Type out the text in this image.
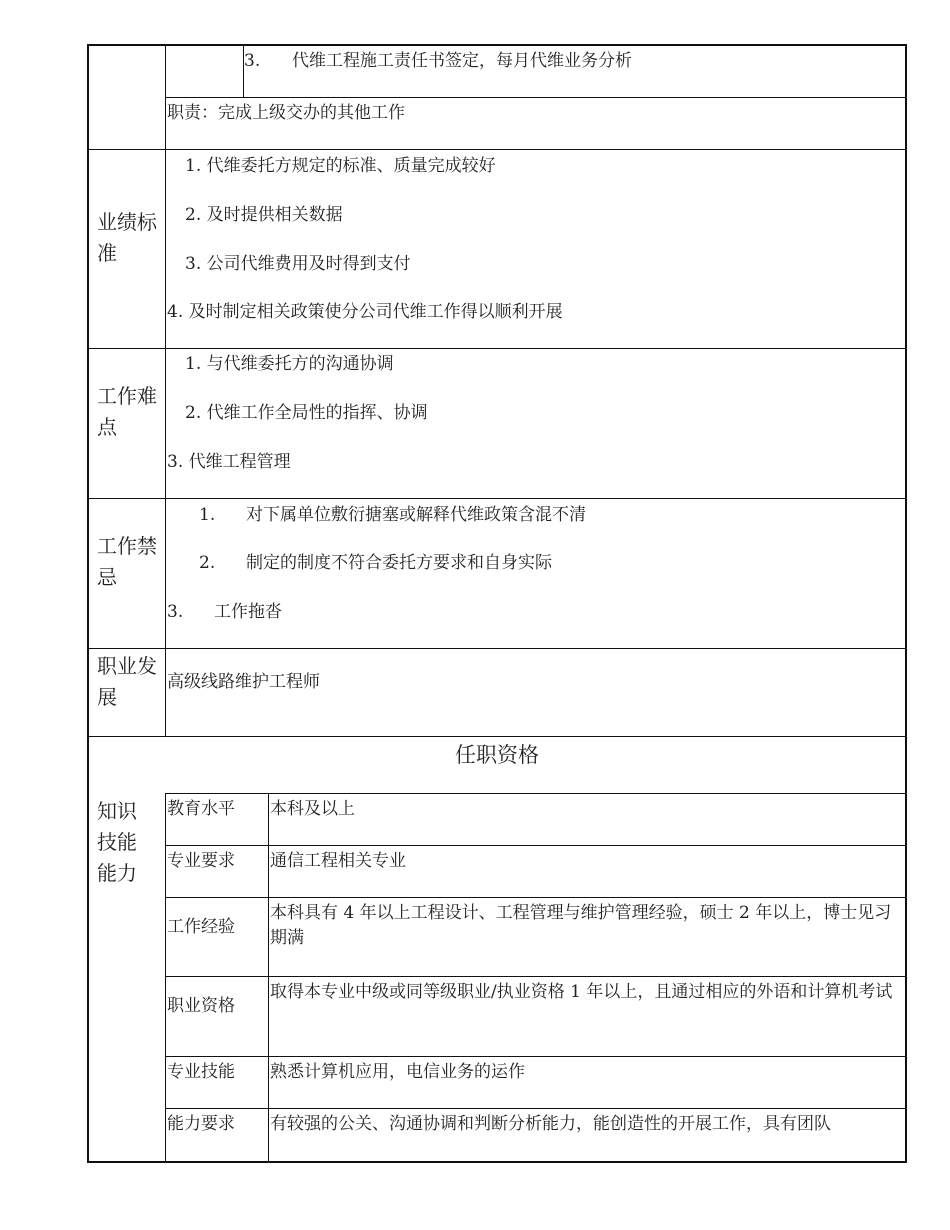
3. 代维工程施工责任书签定，每月代维业务分析
职责：完成上级交办的其他工作
业绩标准
1. 代维委托方规定的标准、质量完成较好
2. 及时提供相关数据
3. 公司代维费用及时得到支付
4. 及时制定相关政策使分公司代维工作得以顺利开展
工作难点
1. 与代维委托方的沟通协调
2. 代维工作全局性的指挥、协调
3. 代维工程管理
工作禁忌
1. 对下属单位敷衍搪塞或解释代维政策含混不清
2. 制定的制度不符合委托方要求和自身实际
3. 工作拖沓
职业发展
高级线路维护工程师
任职资格
知识技能能力
教育水平 本科及以上
专业要求 通信工程相关专业
工作经验
本科具有 4 年以上工程设计、工程管理与维护管理经验，硕士 2 年以上，博士见习期满
职业资格
取得本专业中级或同等级职业/执业资格 1 年以上，且通过相应的外语和计算机考试
专业技能 熟悉计算机应用，电信业务的运作
能力要求 有较强的公关、沟通协调和判断分析能力，能创造性的开展工作，具有团队
